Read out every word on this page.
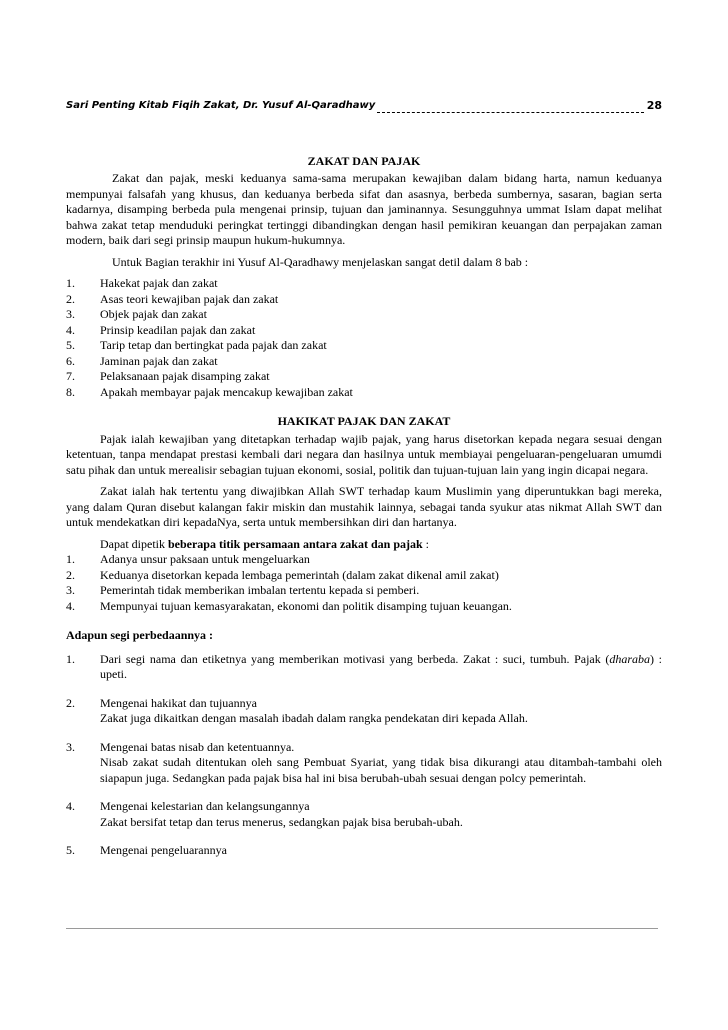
Sari Penting Kitab Fiqih Zakat, Dr. Yusuf Al-Qaradhawy	28
ZAKAT DAN PAJAK

Zakat dan pajak, meski keduanya sama-sama merupakan kewajiban dalam bidang harta, namun keduanya mempunyai falsafah yang khusus, dan keduanya berbeda sifat dan asasnya, berbeda sumbernya, sasaran, bagian serta kadarnya, disamping berbeda pula mengenai prinsip, tujuan dan jaminannya. Sesungguhnya ummat Islam dapat melihat bahwa zakat tetap menduduki peringkat tertinggi dibandingkan dengan hasil pemikiran keuangan dan perpajakan zaman modern, baik dari segi prinsip maupun hukum-hukumnya.

Untuk Bagian terakhir ini Yusuf Al-Qaradhawy menjelaskan sangat detil dalam 8 bab :

1.	Hakekat pajak dan zakat
2.	Asas teori kewajiban pajak dan zakat
3.	Objek pajak dan zakat
4.	Prinsip keadilan pajak dan zakat
5.	Tarip tetap dan bertingkat pada pajak dan zakat
6.	Jaminan pajak dan zakat
7.	Pelaksanaan pajak disamping zakat
8.	Apakah membayar pajak mencakup kewajiban zakat
HAKIKAT PAJAK DAN ZAKAT

Pajak ialah kewajiban yang ditetapkan terhadap wajib pajak, yang harus disetorkan kepada negara sesuai dengan ketentuan, tanpa mendapat prestasi kembali dari negara dan hasilnya untuk membiayai pengeluaran-pengeluaran umumdi satu pihak dan untuk merealisir sebagian tujuan ekonomi, sosial, politik dan tujuan-tujuan lain yang ingin dicapai negara.

Zakat ialah hak tertentu yang diwajibkan Allah SWT terhadap kaum Muslimin yang diperuntukkan bagi mereka, yang dalam Quran disebut kalangan fakir miskin dan mustahik lainnya, sebagai tanda syukur atas nikmat Allah SWT dan untuk mendekatkan diri kepadaNya, serta untuk membersihkan diri dan hartanya.

Dapat dipetik beberapa titik persamaan antara zakat dan pajak :

1.	Adanya unsur paksaan untuk mengeluarkan
2.	Keduanya disetorkan kepada lembaga pemerintah (dalam zakat dikenal amil zakat)
3.	Pemerintah tidak memberikan imbalan tertentu kepada si pemberi.
4.	Mempunyai tujuan kemasyarakatan, ekonomi dan politik disamping tujuan keuangan.

Adapun segi perbedaannya :

1.	Dari segi nama dan etiketnya yang memberikan motivasi yang berbeda. Zakat : suci, tumbuh. Pajak (dharaba) : upeti.
2.	Mengenai hakikat dan tujuannya
Zakat juga dikaitkan dengan masalah ibadah dalam rangka pendekatan diri kepada Allah.
3.	Mengenai batas nisab dan ketentuannya.
Nisab zakat sudah ditentukan oleh sang Pembuat Syariat, yang tidak bisa dikurangi atau ditambah-tambahi oleh siapapun juga. Sedangkan pada pajak bisa hal ini bisa berubah-ubah sesuai dengan polcy pemerintah.
4.	Mengenai kelestarian dan kelangsungannya
Zakat bersifat tetap dan terus menerus, sedangkan pajak bisa berubah-ubah.
5.	Mengenai pengeluarannya
